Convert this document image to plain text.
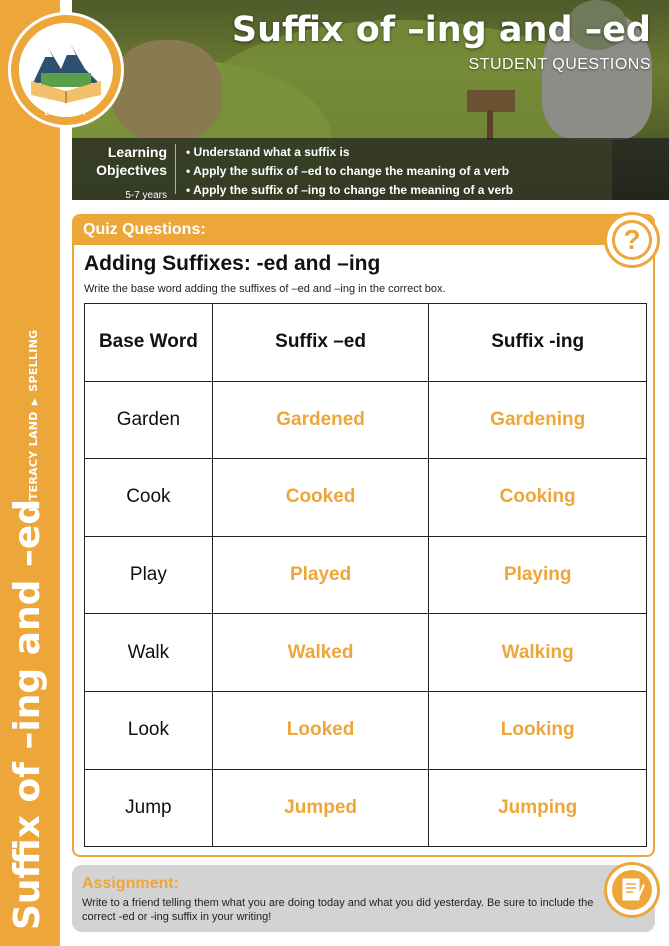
LITERACY LAND ▶ SPELLING
Suffix of –ing and –ed
Suffix of –ing and –ed
STUDENT QUESTIONS
Learning
Objectives
5-7 years
• Understand what a suffix is
• Apply the suffix of –ed to change the meaning of a verb
• Apply the suffix of –ing to change the meaning of a verb
LITERACY
Quiz Questions:
Adding Suffixes: -ed and –ing
Write the base word adding the suffixes of –ed and –ing in the correct box.
Base Word	Suffix –ed	Suffix -ing
Garden	Gardened	Gardening
Cook	Cooked	Cooking
Play	Played	Playing
Walk	Walked	Walking
Look	Looked	Looking
Jump	Jumped	Jumping
?
Assignment:
Write to a friend telling them what you are doing today and what you did yesterday. Be sure to include the correct -ed or -ing suffix in your writing!
